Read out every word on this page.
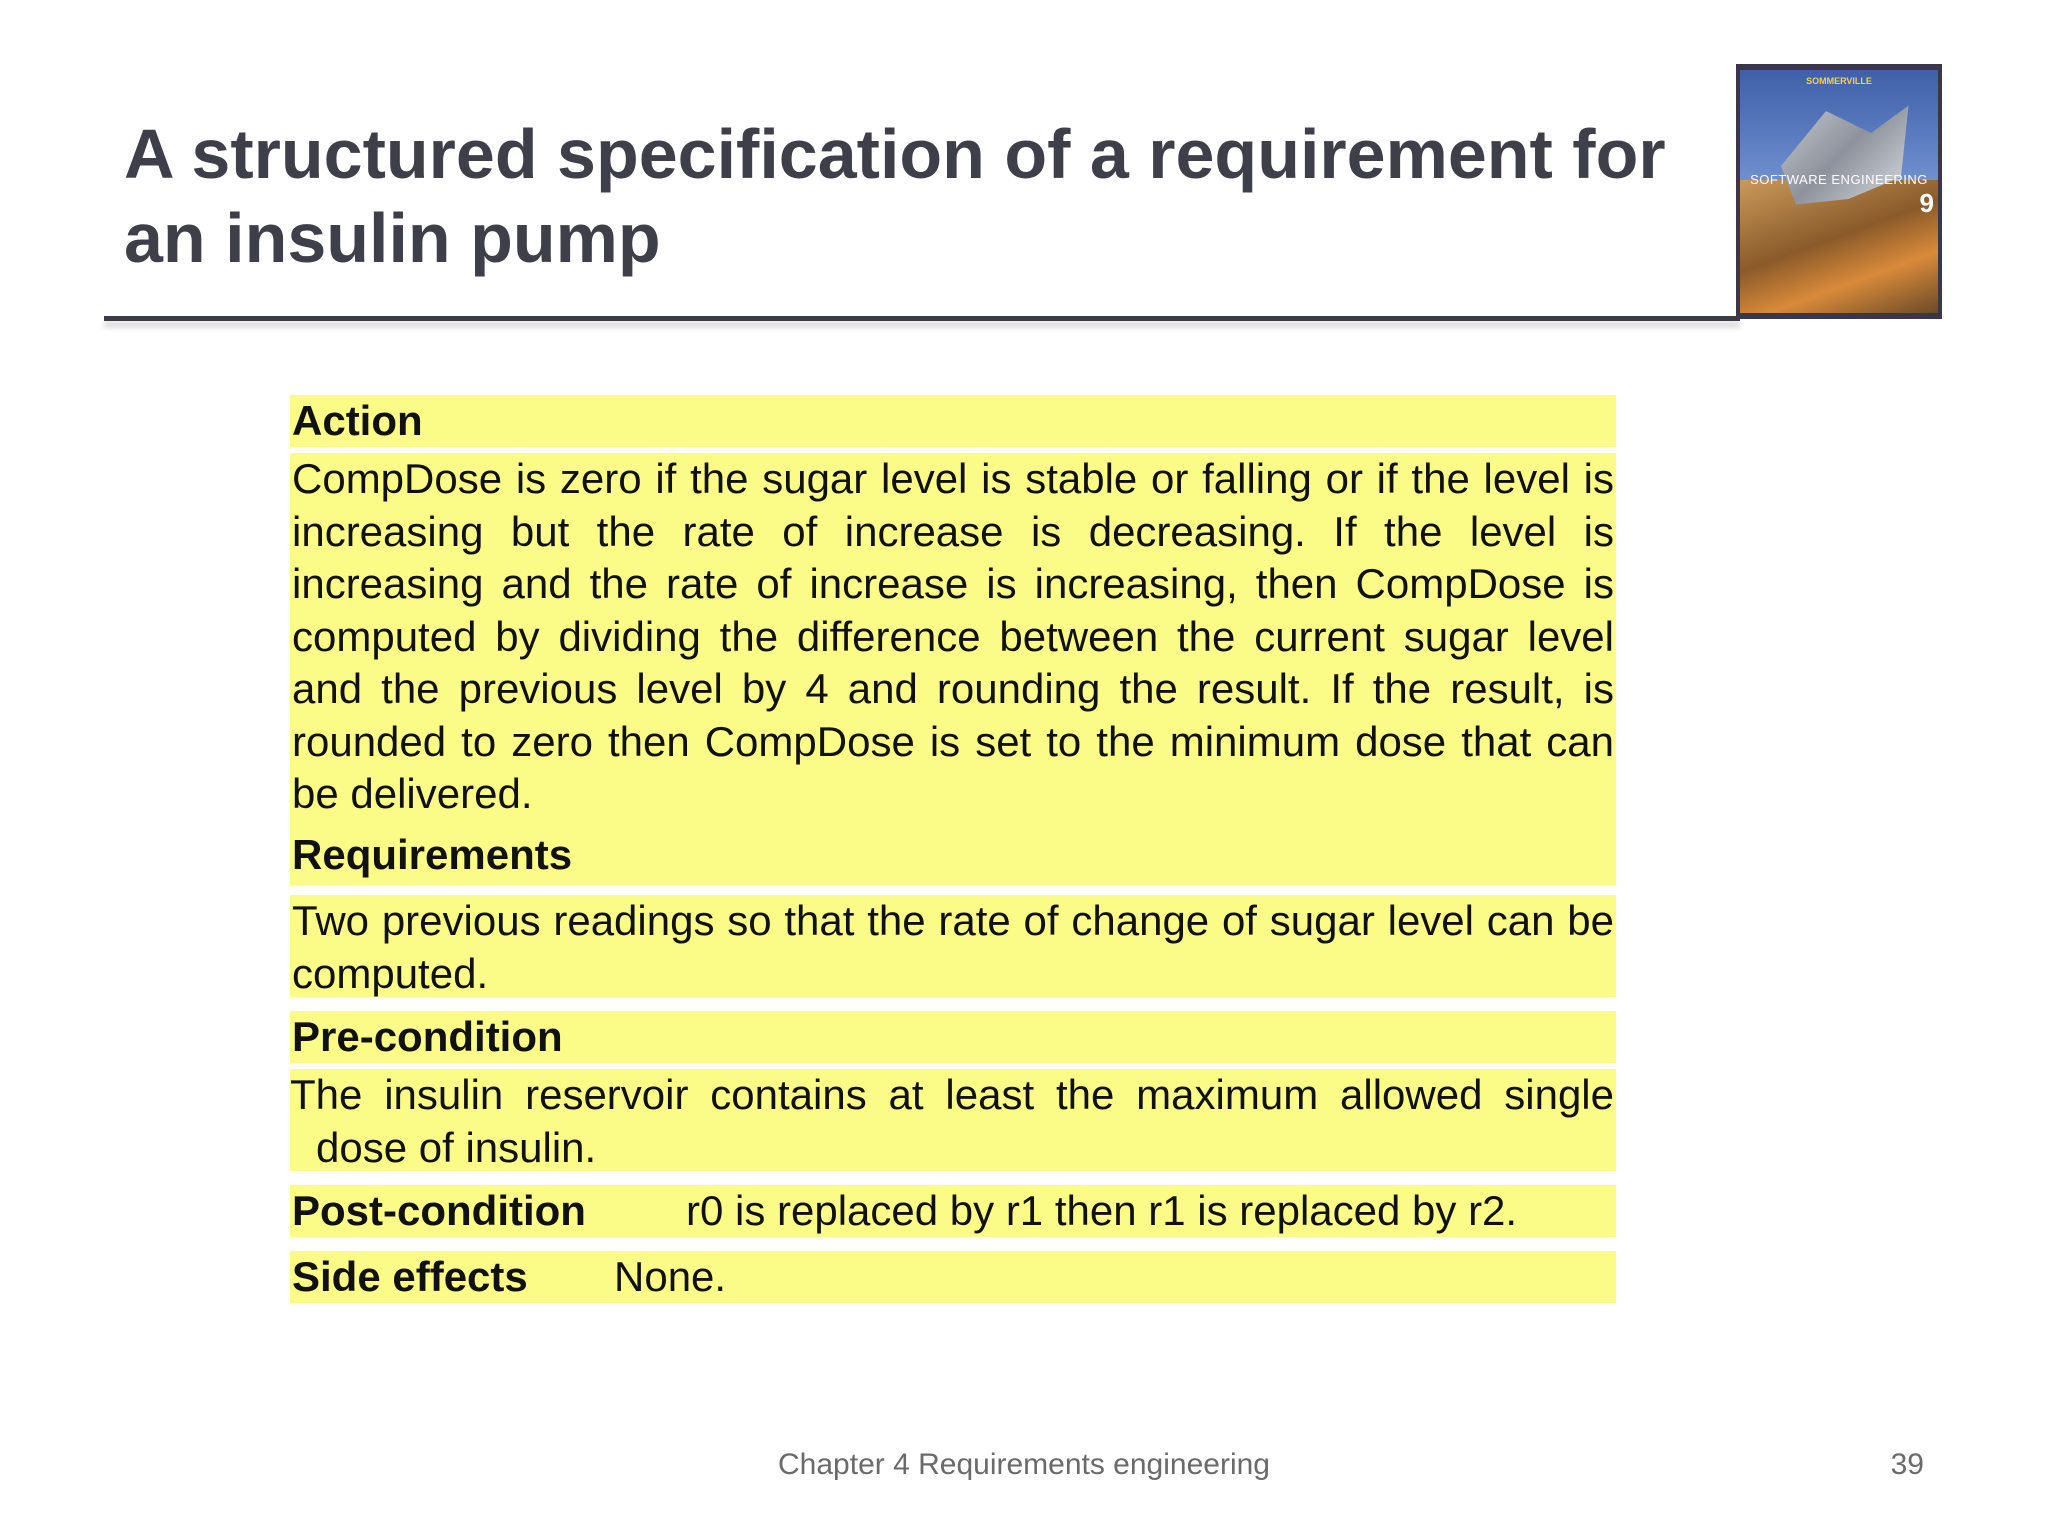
A structured specification of a requirement for an insulin pump
SOMMERVILLE
SOFTWARE ENGINEERING
9
Action
CompDose is zero if the sugar level is stable or falling or if the level is increasing but the rate of increase is decreasing. If the level is increasing and the rate of increase is increasing, then CompDose is computed by dividing the difference between the current sugar level and the previous level by 4 and rounding the result. If the result, is rounded to zero then CompDose is set to the minimum dose that can be delivered.
Requirements
Two previous readings so that the rate of change of sugar level can be computed.
Pre-condition
The insulin reservoir contains at least the maximum allowed single dose of insulin.
Post-condition	r0 is replaced by r1 then r1 is replaced by r2.
Side effects	None.
Chapter 4 Requirements engineering	39
